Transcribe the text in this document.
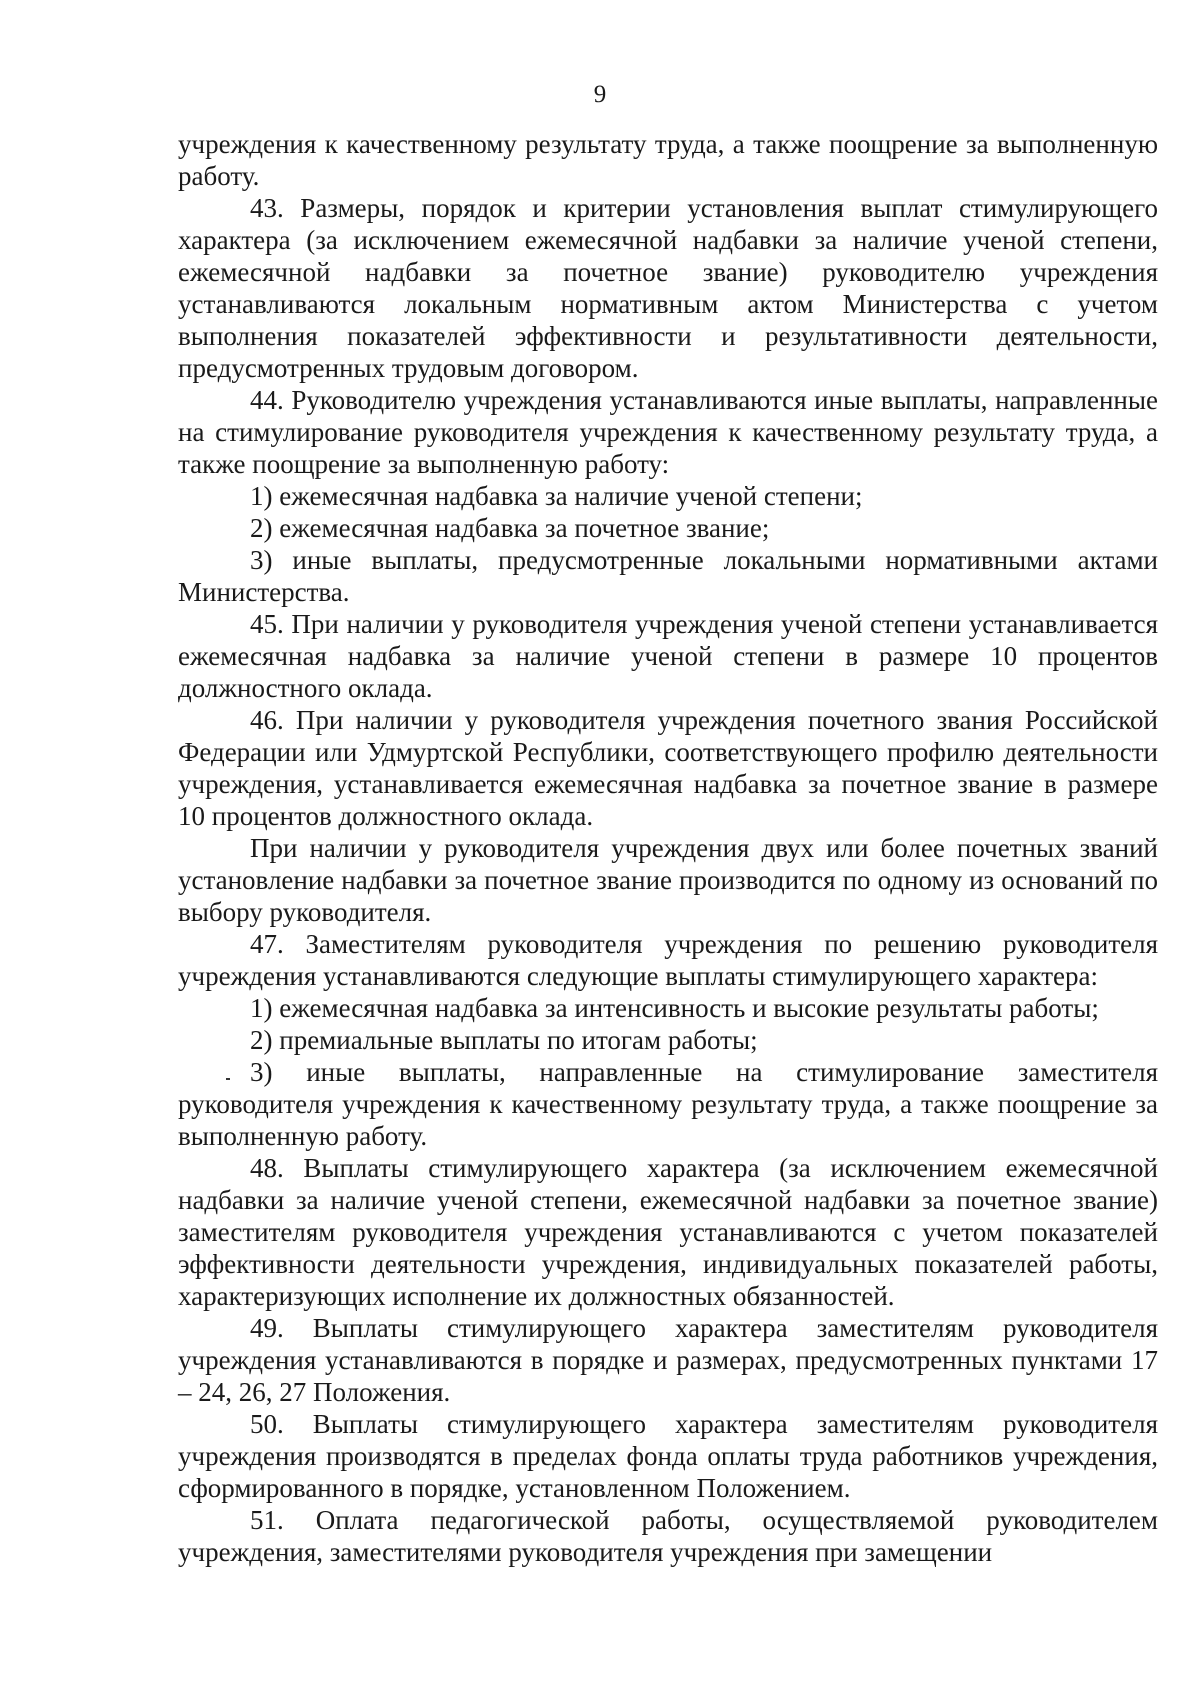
9

учреждения к качественному результату труда, а также поощрение за выполненную работу.

43. Размеры, порядок и критерии установления выплат стимулирующего характера (за исключением ежемесячной надбавки за наличие ученой степени, ежемесячной надбавки за почетное звание) руководителю учреждения устанавливаются локальным нормативным актом Министерства с учетом выполнения показателей эффективности и результативности деятельности, предусмотренных трудовым договором.

44. Руководителю учреждения устанавливаются иные выплаты, направленные на стимулирование руководителя учреждения к качественному результату труда, а также поощрение за выполненную работу:

1) ежемесячная надбавка за наличие ученой степени;

2) ежемесячная надбавка за почетное звание;

3) иные выплаты, предусмотренные локальными нормативными актами Министерства.

45. При наличии у руководителя учреждения ученой степени устанавливается ежемесячная надбавка за наличие ученой степени в размере 10 процентов должностного оклада.

46. При наличии у руководителя учреждения почетного звания Российской Федерации или Удмуртской Республики, соответствующего профилю деятельности учреждения, устанавливается ежемесячная надбавка за почетное звание в размере 10 процентов должностного оклада.

При наличии у руководителя учреждения двух или более почетных званий установление надбавки за почетное звание производится по одному из оснований по выбору руководителя.

47. Заместителям руководителя учреждения по решению руководителя учреждения устанавливаются следующие выплаты стимулирующего характера:

1) ежемесячная надбавка за интенсивность и высокие результаты работы;

2) премиальные выплаты по итогам работы;

3) иные выплаты, направленные на стимулирование заместителя руководителя учреждения к качественному результату труда, а также поощрение за выполненную работу.

48. Выплаты стимулирующего характера (за исключением ежемесячной надбавки за наличие ученой степени, ежемесячной надбавки за почетное звание) заместителям руководителя учреждения устанавливаются с учетом показателей эффективности деятельности учреждения, индивидуальных показателей работы, характеризующих исполнение их должностных обязанностей.

49. Выплаты стимулирующего характера заместителям руководителя учреждения устанавливаются в порядке и размерах, предусмотренных пунктами 17 – 24, 26, 27 Положения.

50. Выплаты стимулирующего характера заместителям руководителя учреждения производятся в пределах фонда оплаты труда работников учреждения, сформированного в порядке, установленном Положением.

51. Оплата педагогической работы, осуществляемой руководителем учреждения, заместителями руководителя учреждения при замещении
